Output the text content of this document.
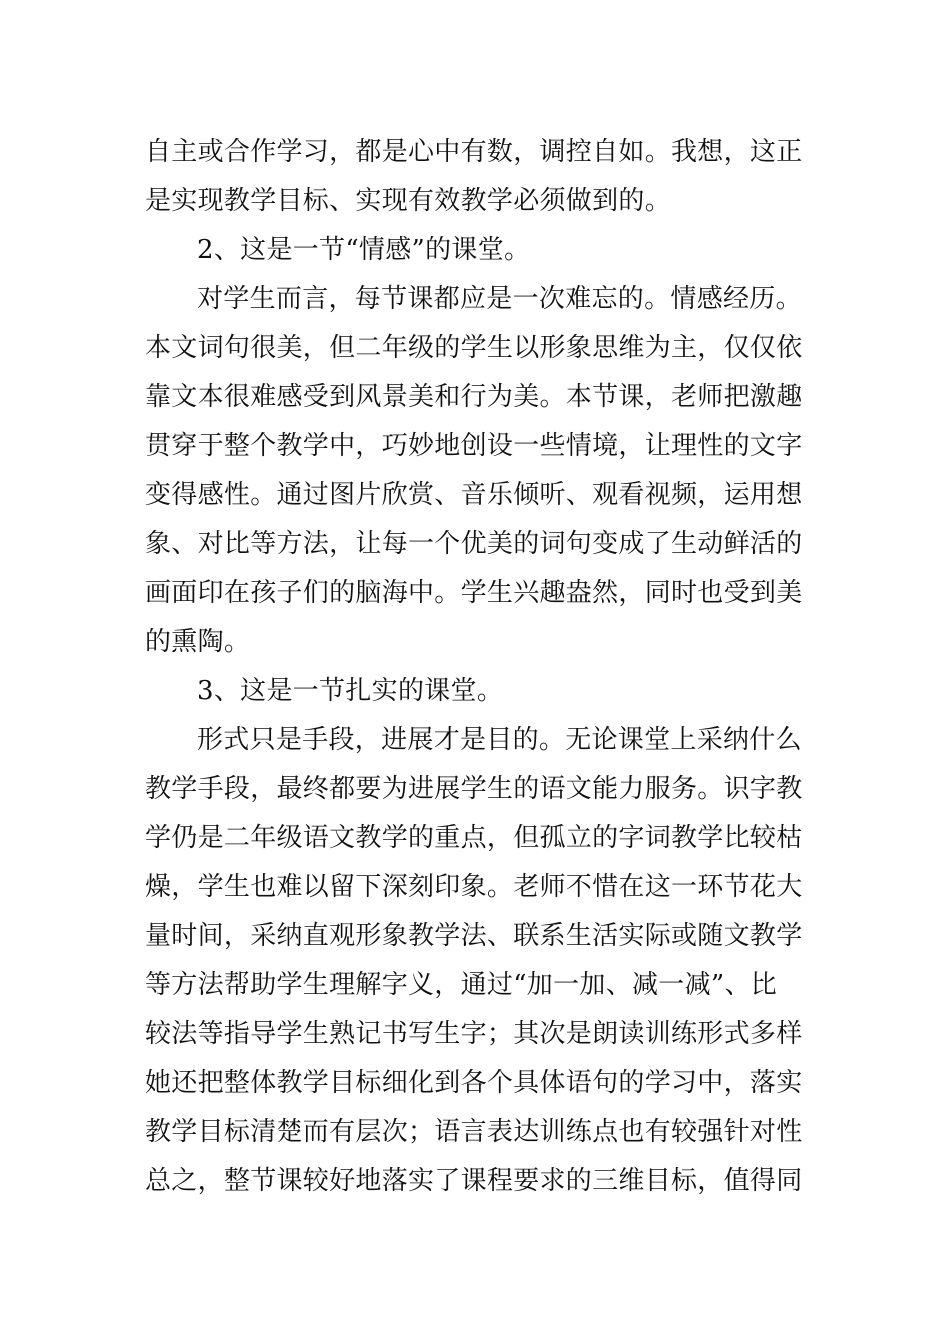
自主或合作学习，都是心中有数，调控自如。我想，这正
是实现教学目标、实现有效教学必须做到的。
2、这是一节“情感”的课堂。
对学生而言，每节课都应是一次难忘的。情感经历。
本文词句很美，但二年级的学生以形象思维为主，仅仅依
靠文本很难感受到风景美和行为美。本节课，老师把激趣
贯穿于整个教学中，巧妙地创设一些情境，让理性的文字
变得感性。通过图片欣赏、音乐倾听、观看视频，运用想
象、对比等方法，让每一个优美的词句变成了生动鲜活的
画面印在孩子们的脑海中。学生兴趣盎然，同时也受到美
的熏陶。
3、这是一节扎实的课堂。
形式只是手段，进展才是目的。无论课堂上采纳什么
教学手段，最终都要为进展学生的语文能力服务。识字教
学仍是二年级语文教学的重点，但孤立的字词教学比较枯
燥，学生也难以留下深刻印象。老师不惜在这一环节花大
量时间，采纳直观形象教学法、联系生活实际或随文教学
等方法帮助学生理解字义，通过“加一加、减一减”、比
较法等指导学生熟记书写生字；其次是朗读训练形式多样
她还把整体教学目标细化到各个具体语句的学习中，落实
教学目标清楚而有层次；语言表达训练点也有较强针对性
总之，整节课较好地落实了课程要求的三维目标，值得同
